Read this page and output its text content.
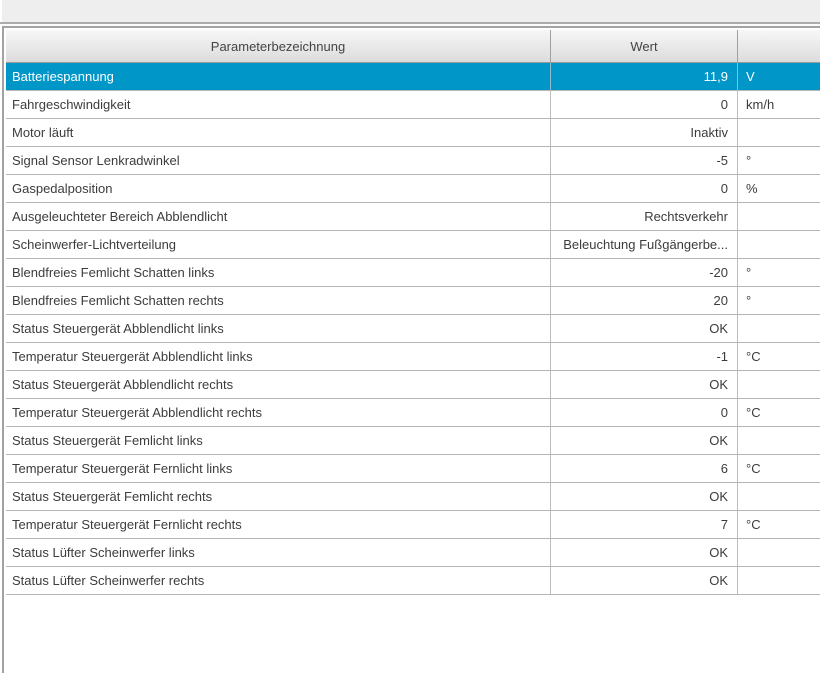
Parameterbezeichnung	Wert
Batteriespannung	11,9	V
Fahrgeschwindigkeit	0	km/h
Motor läuft	Inaktiv
Signal Sensor Lenkradwinkel	-5	°
Gaspedalposition	0	%
Ausgeleuchteter Bereich Abblendlicht	Rechtsverkehr
Scheinwerfer-Lichtverteilung	Beleuchtung Fußgängerbe...
Blendfreies Femlicht Schatten links	-20	°
Blendfreies Femlicht Schatten rechts	20	°
Status Steuergerät Abblendlicht links	OK
Temperatur Steuergerät Abblendlicht links	-1	°C
Status Steuergerät Abblendlicht rechts	OK
Temperatur Steuergerät Abblendlicht rechts	0	°C
Status Steuergerät Femlicht links	OK
Temperatur Steuergerät Fernlicht links	6	°C
Status Steuergerät Femlicht rechts	OK
Temperatur Steuergerät Fernlicht rechts	7	°C
Status Lüfter Scheinwerfer links	OK
Status Lüfter Scheinwerfer rechts	OK
